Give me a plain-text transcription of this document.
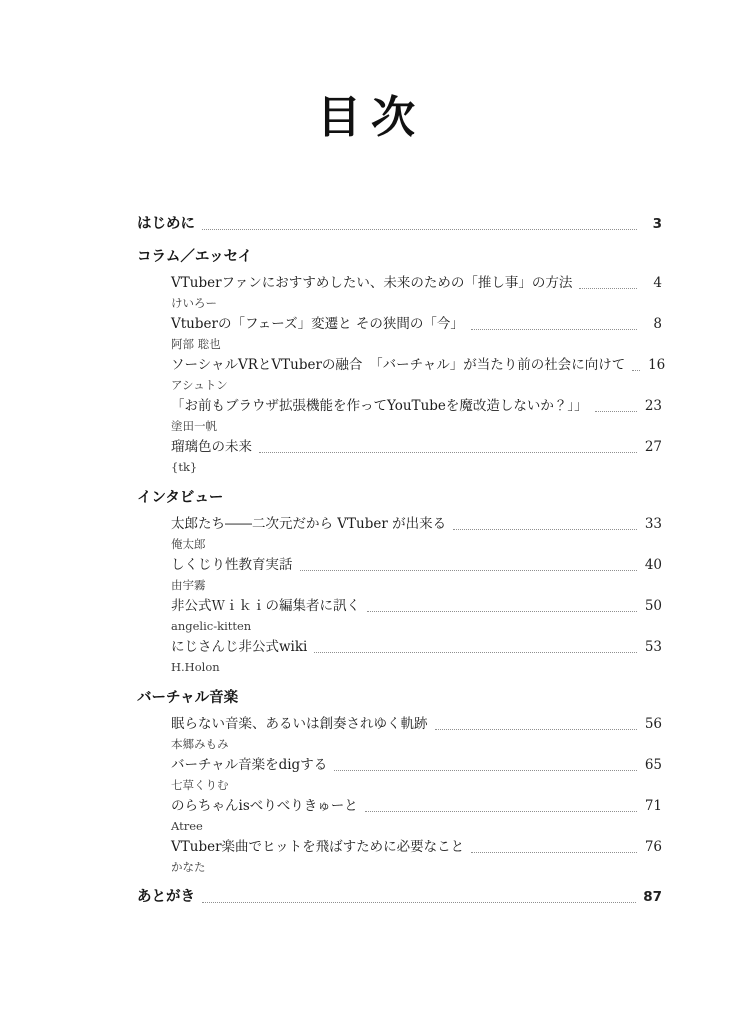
目次
はじめに	3
コラム／エッセイ
VTuberファンにおすすめしたい、未来のための「推し事」の方法	4
けいろー
Vtuberの「フェーズ」変遷と その狭間の「今」	8
阿部 聡也
ソーシャルVRとVTuberの融合　「バーチャル」が当たり前の社会に向けて 16
アシュトン
「お前もブラウザ拡張機能を作ってYouTubeを魔改造しないか？」」	23
塗田一帆
瑠璃色の未来	27
{tk}
インタビュー
太郎たち――二次元だから VTuber が出来る	33
俺太郎
しくじり性教育実話	40
由宇霧
非公式Ｗｉｋｉの編集者に訊く	50
angelic-kitten
にじさんじ非公式wiki	53
H.Holon
バーチャル音楽
眠らない音楽、あるいは創奏されゆく軌跡	56
本郷みもみ
バーチャル音楽をdigする	65
七草くりむ
のらちゃんisべりべりきゅーと	71
Atree
VTuber楽曲でヒットを飛ばすために必要なこと	76
かなた
あとがき	87
